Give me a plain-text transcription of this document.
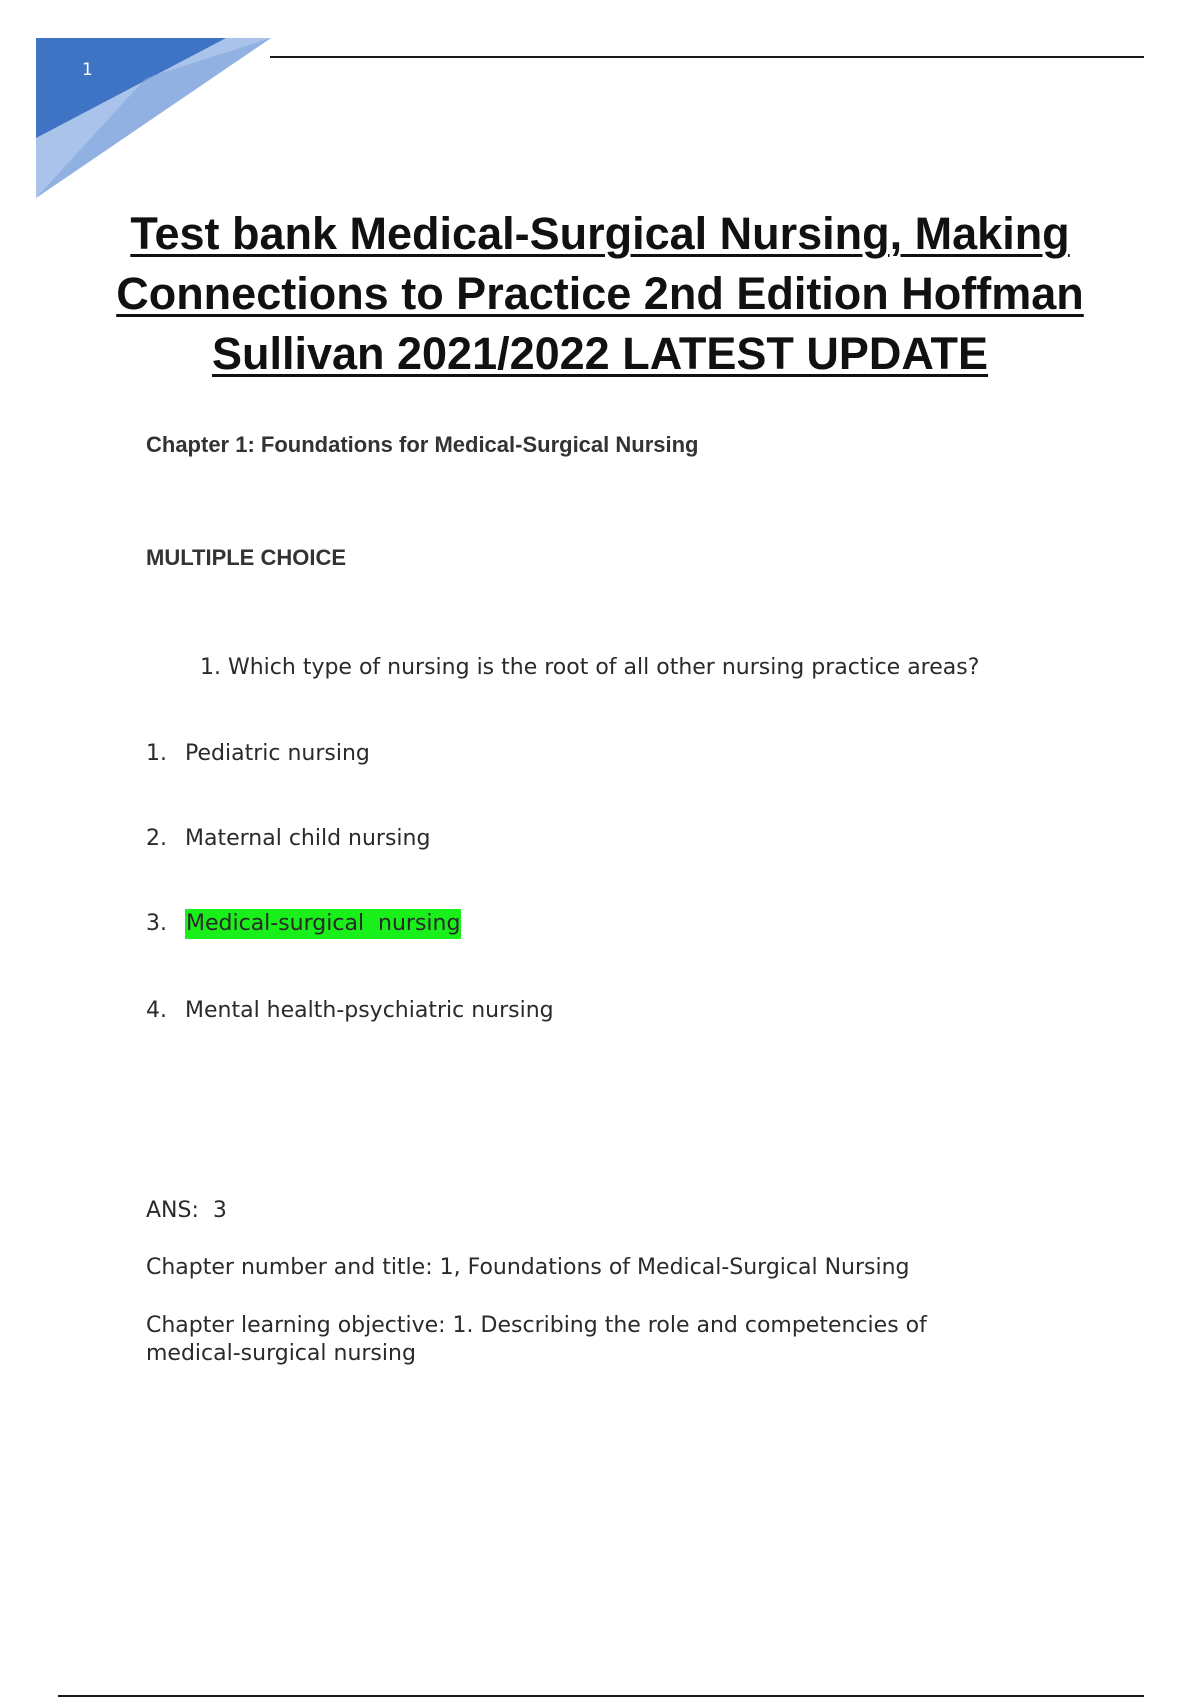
1
Test bank Medical-Surgical Nursing, Making Connections to Practice 2nd Edition Hoffman Sullivan 2021/2022 LATEST UPDATE
Chapter 1: Foundations for Medical-Surgical Nursing
MULTIPLE CHOICE
1. Which type of nursing is the root of all other nursing practice areas?
1. Pediatric nursing
2. Maternal child nursing
3. Medical-surgical  nursing
4. Mental health-psychiatric nursing
ANS:  3
Chapter number and title: 1, Foundations of Medical-Surgical Nursing
Chapter learning objective: 1. Describing the role and competencies of medical-surgical nursing
